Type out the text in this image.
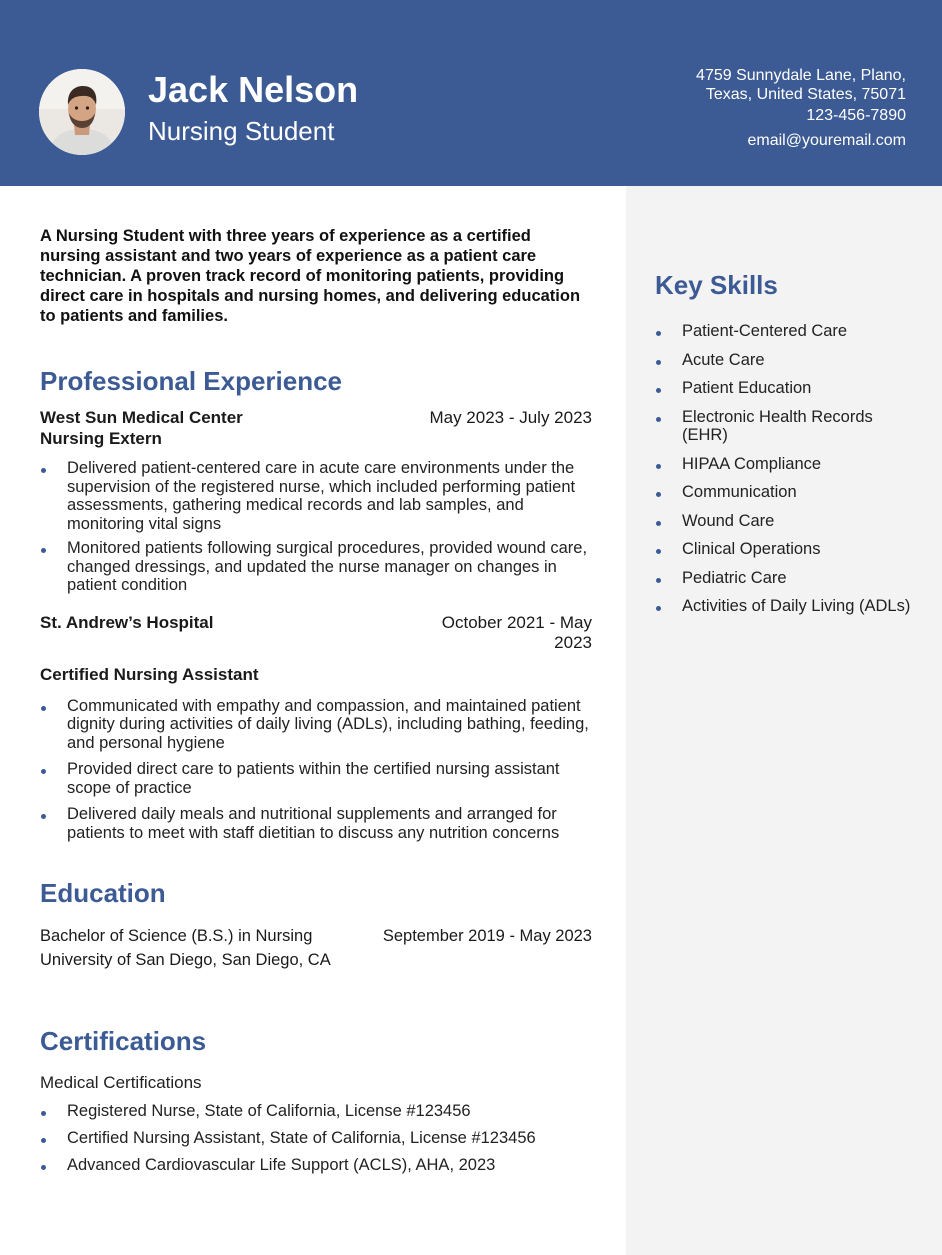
Jack Nelson
Nursing Student
4759 Sunnydale Lane, Plano,
Texas, United States, 75071
123-456-7890
email@youremail.com

A Nursing Student with three years of experience as a certified nursing assistant and two years of experience as a patient care technician. A proven track record of monitoring patients, providing direct care in hospitals and nursing homes, and delivering education to patients and families.

Professional Experience
West Sun Medical Center	May 2023 - July 2023
Nursing Extern
Delivered patient-centered care in acute care environments under the supervision of the registered nurse, which included performing patient assessments, gathering medical records and lab samples, and monitoring vital signs
Monitored patients following surgical procedures, provided wound care, changed dressings, and updated the nurse manager on changes in patient condition
St. Andrew’s Hospital	October 2021 - May 2023
Certified Nursing Assistant
Communicated with empathy and compassion, and maintained patient dignity during activities of daily living (ADLs), including bathing, feeding, and personal hygiene
Provided direct care to patients within the certified nursing assistant scope of practice
Delivered daily meals and nutritional supplements and arranged for patients to meet with staff dietitian to discuss any nutrition concerns
Education
Bachelor of Science (B.S.) in Nursing	September 2019 - May 2023
University of San Diego, San Diego, CA
Certifications
Medical Certifications
Registered Nurse, State of California, License #123456
Certified Nursing Assistant, State of California, License #123456
Advanced Cardiovascular Life Support (ACLS), AHA, 2023
Key Skills
Patient-Centered Care
Acute Care
Patient Education
Electronic Health Records (EHR)
HIPAA Compliance
Communication
Wound Care
Clinical Operations
Pediatric Care
Activities of Daily Living (ADLs)
